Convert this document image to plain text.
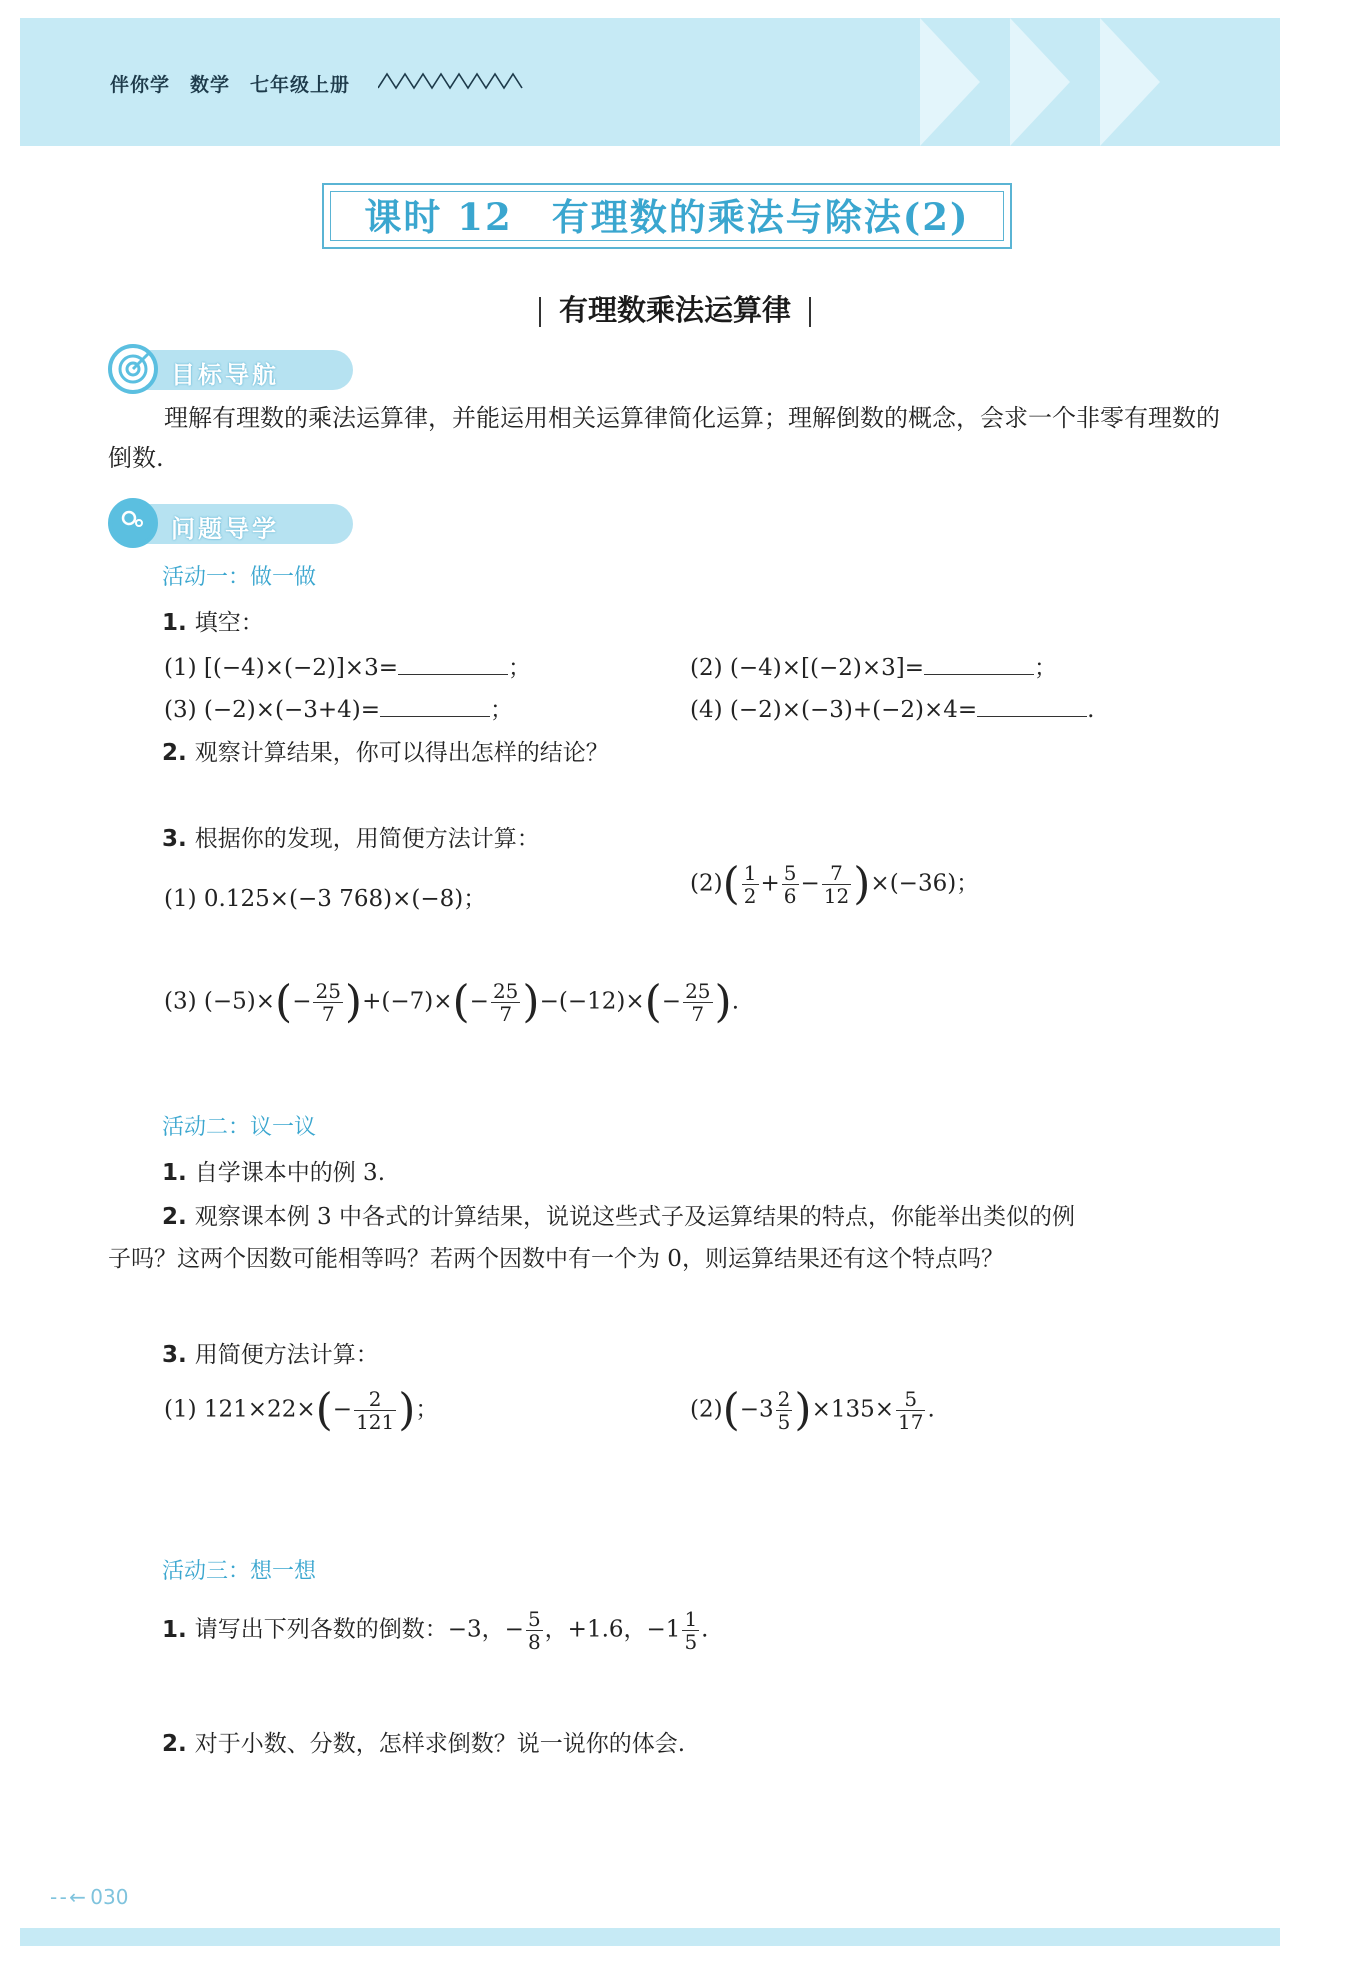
伴你学 数学 七年级上册
课时 12　有理数的乘法与除法(2)
有理数乘法运算律
目标导航
理解有理数的乘法运算律，并能运用相关运算律简化运算；理解倒数的概念，会求一个非零有理数的倒数.
问题导学
活动一：做一做
1. 填空：
(1) [(−4)×(−2)]×3=	；	(2) (−4)×[(−2)×3]=	；
(3) (−2)×(−3+4)=	；	(4) (−2)×(−3)+(−2)×4=	.
2. 观察计算结果，你可以得出怎样的结论？
3. 根据你的发现，用简便方法计算：
(1) 0.125×(−3 768)×(−8)；
$(2)( \frac{1}{2} + \frac{5}{6} - \frac{7}{12} )\times(-36)$；
(3) $(-5)\times(- \frac{25}{7} )+(-7)\times(- \frac{25}{7} )-(-12)\times(- \frac{25}{7}$ ).
活动二：议一议
1. 自学课本中的例 3.
2. 观察课本例 3 中各式的计算结果，说说这些式子及运算结果的特点，你能举出类似的例
子吗？这两个因数可能相等吗？若两个因数中有一个为 0，则运算结果还有这个特点吗？
3. 用简便方法计算：
(1) $121\times 22\times(- \frac{2}{121}$ )；	$(2)(-3 \frac{2}{5} )\times 135\times \frac{5}{17}$ .
活动三：想一想
1. 请写出下列各数的倒数：−3，− $\frac{5}{8}$ ，+1.6，$-1 \frac{1}{5}$ .
2. 对于小数、分数，怎样求倒数？说一说你的体会.
- ‐ ← 030
